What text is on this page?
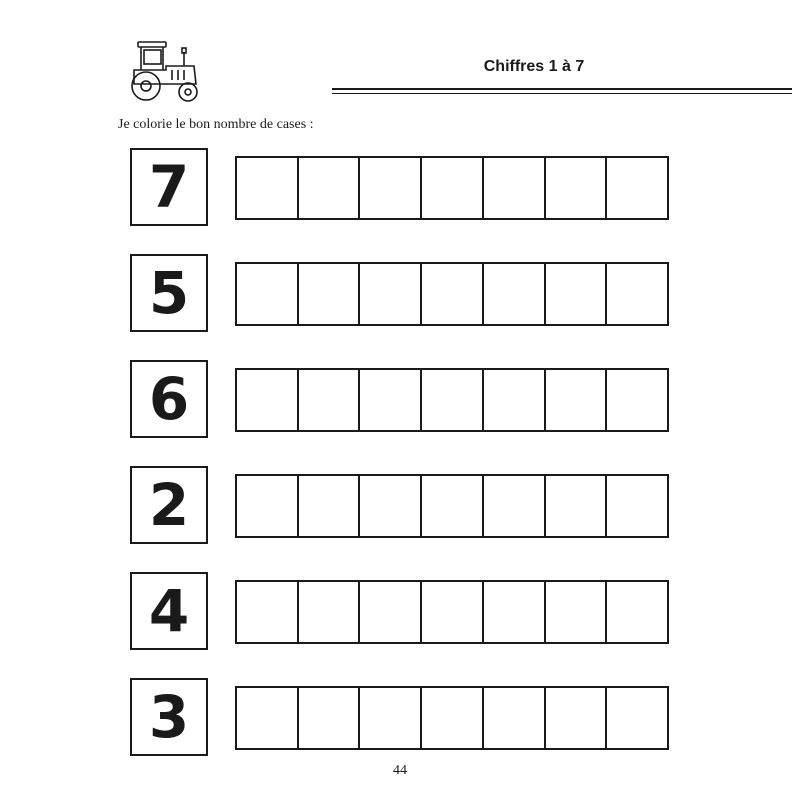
Chiffres 1 à 7

Je colorie le bon nombre de cases :

7
5
6
2
4
3

44
